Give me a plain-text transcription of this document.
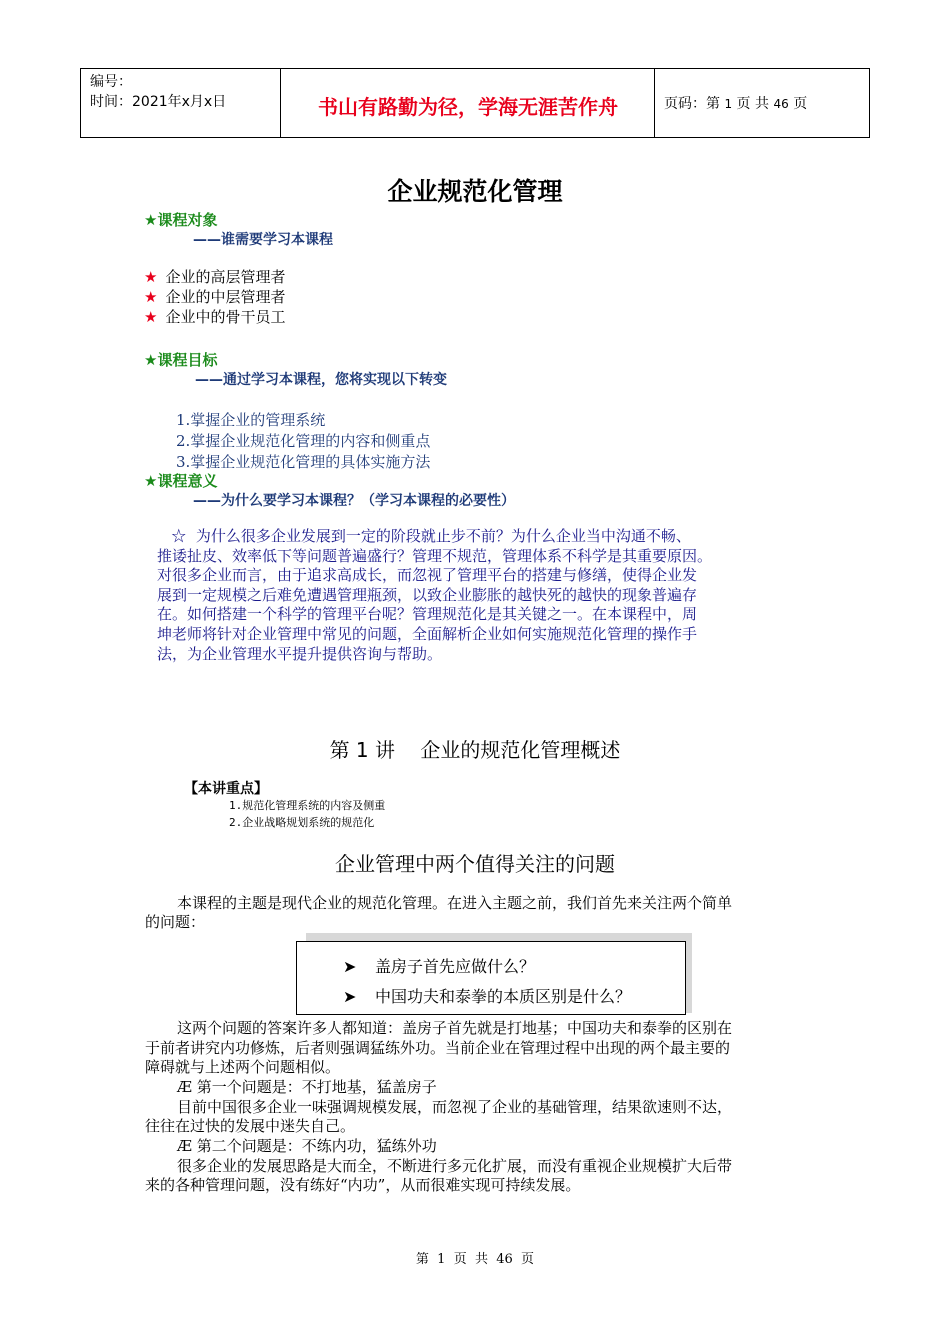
编号：
时间：2021年x月x日	书山有路勤为径，学海无涯苦作舟	页码：第 1 页 共 46 页
企业规范化管理
★课程对象
——谁需要学习本课程
★ 企业的高层管理者
★ 企业的中层管理者
★ 企业中的骨干员工
★课程目标
——通过学习本课程，您将实现以下转变
1.掌握企业的管理系统
2.掌握企业规范化管理的内容和侧重点
3.掌握企业规范化管理的具体实施方法
★课程意义
——为什么要学习本课程？（学习本课程的必要性）

☆  为什么很多企业发展到一定的阶段就止步不前？为什么企业当中沟通不畅、

推诿扯皮、效率低下等问题普遍盛行？管理不规范，管理体系不科学是其重要原因。

对很多企业而言，由于追求高成长，而忽视了管理平台的搭建与修缮，使得企业发

展到一定规模之后难免遭遇管理瓶颈，以致企业膨胀的越快死的越快的现象普遍存

在。如何搭建一个科学的管理平台呢？管理规范化是其关键之一。在本课程中，周

坤老师将针对企业管理中常见的问题，全面解析企业如何实施规范化管理的操作手

法，为企业管理水平提升提供咨询与帮助。

第 1 讲    企业的规范化管理概述
【本讲重点】
1.规范化管理系统的内容及侧重
2.企业战略规划系统的规范化
企业管理中两个值得关注的问题
本课程的主题是现代企业的规范化管理。在进入主题之前，我们首先来关注两个简单
的问题：
➤ 盖房子首先应做什么？
➤ 中国功夫和泰拳的本质区别是什么？
这两个问题的答案许多人都知道：盖房子首先就是打地基；中国功夫和泰拳的区别在
于前者讲究内功修炼，后者则强调猛练外功。当前企业在管理过程中出现的两个最主要的
障碍就与上述两个问题相似。
Æ 第一个问题是：不打地基，猛盖房子
目前中国很多企业一味强调规模发展，而忽视了企业的基础管理，结果欲速则不达，
往往在过快的发展中迷失自己。
Æ 第二个问题是：不练内功，猛练外功
很多企业的发展思路是大而全，不断进行多元化扩展，而没有重视企业规模扩大后带
来的各种管理问题，没有练好“内功”，从而很难实现可持续发展。
第  1  页  共  46  页
